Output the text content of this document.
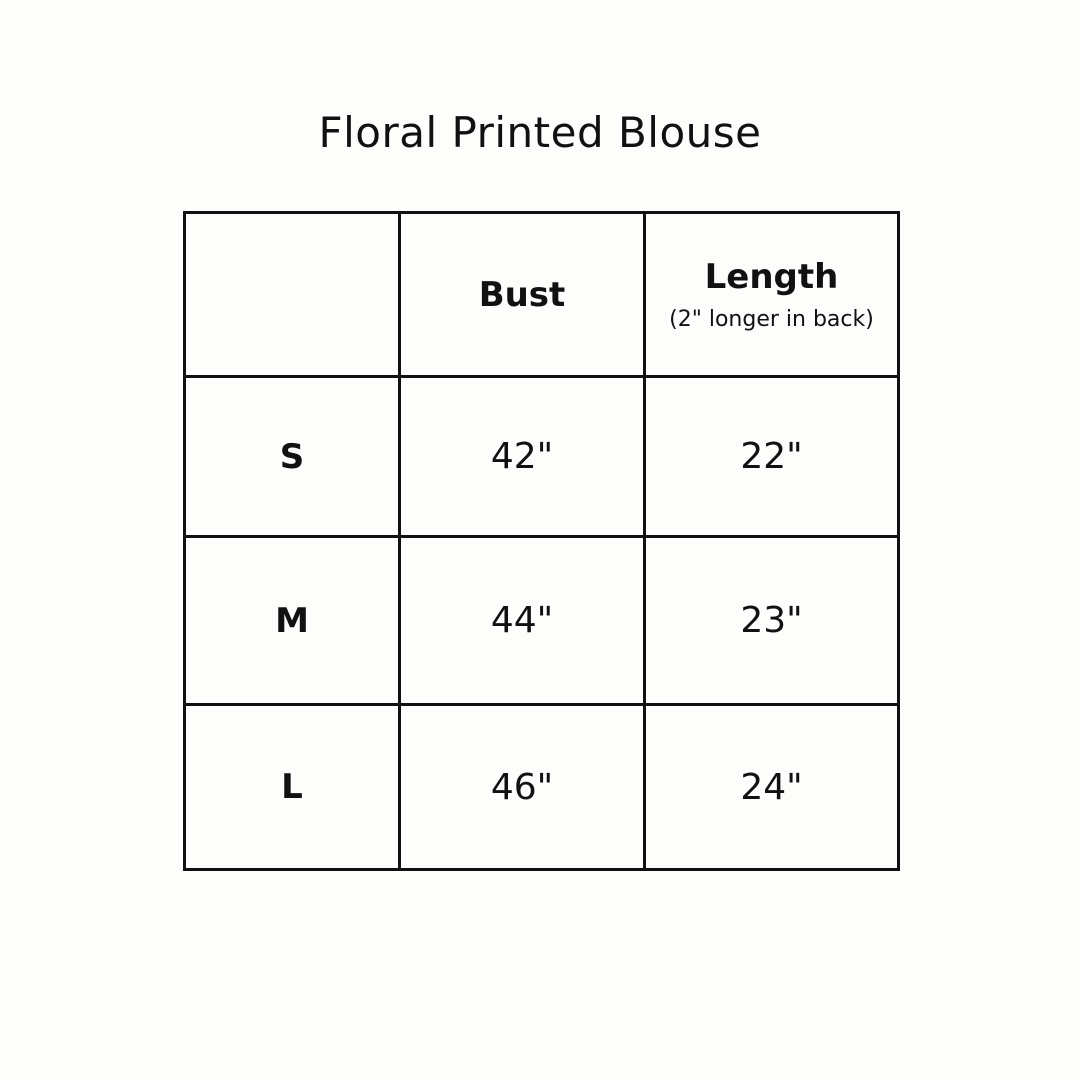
Floral Printed Blouse

	Bust	Length
(2" longer in back)

S	42"	22"
M	44"	23"
L	46"	24"
